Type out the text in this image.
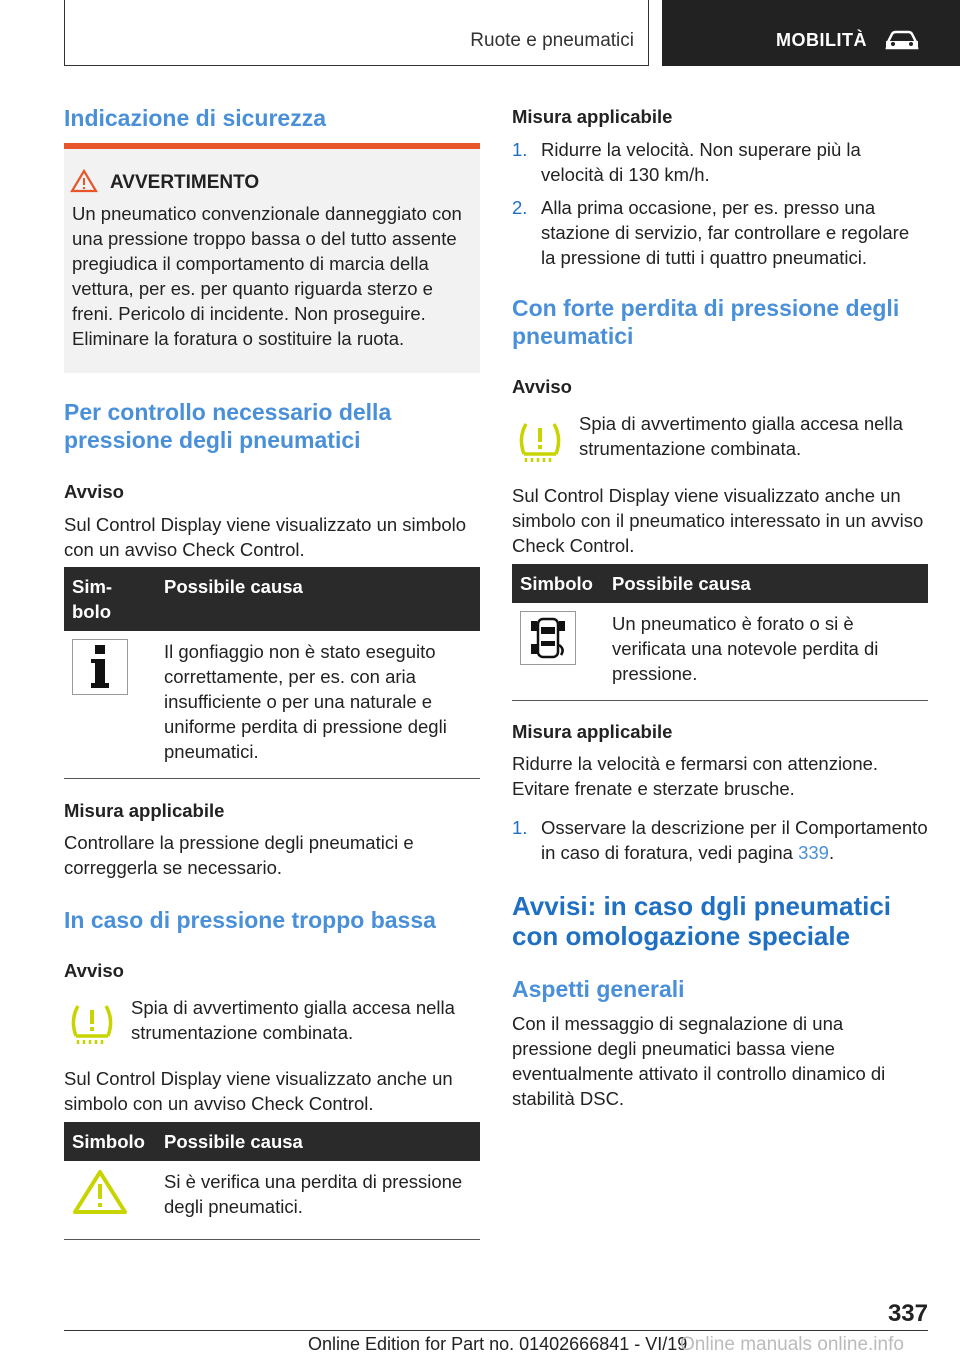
Ruote e pneumatici	MOBILITÀ
Indicazione di sicurezza
AVVERTIMENTO

Un pneumatico convenzionale danneggiato con una pressione troppo bassa o del tutto assente pregiudica il comportamento di marcia della vettura, per es. per quanto riguarda sterzo e freni. Pericolo di incidente. Non proseguire. Eliminare la foratura o sostituire la ruota.

Per controllo necessario della pressione degli pneumatici
Avviso

Sul Control Display viene visualizzato un simbolo con un avviso Check Control.

Sim-bolo	Possibile causa

	Il gonfiaggio non è stato eseguito correttamente, per es. con aria insufficiente o per una naturale e uniforme perdita di pressione degli pneumatici.
Misura applicabile

Controllare la pressione degli pneumatici e correggerla se necessario.

In caso di pressione troppo bassa
Avviso

Spia di avvertimento gialla accesa nella strumentazione combinata.

Sul Control Display viene visualizzato anche un simbolo con un avviso Check Control.

Simbolo	Possibile causa
	Si è verifica una perdita di pressione degli pneumatici.
Misura applicabile
1. Ridurre la velocità. Non superare più la velocità di 130 km/h.
2. Alla prima occasione, per es. presso una stazione di servizio, far controllare e regolare la pressione di tutti i quattro pneumatici.
Con forte perdita di pressione degli pneumatici
Avviso

Spia di avvertimento gialla accesa nella strumentazione combinata.

Sul Control Display viene visualizzato anche un simbolo con il pneumatico interessato in un avviso Check Control.

Simbolo	Possibile causa

	Un pneumatico è forato o si è verificata una notevole perdita di pressione.
Misura applicabile

Ridurre la velocità e fermarsi con attenzione. Evitare frenate e sterzate brusche.

1. Osservare la descrizione per il Comportamento in caso di foratura, vedi pagina 339.
Avvisi: in caso dgli pneumatici con omologazione speciale
Aspetti generali

Con il messaggio di segnalazione di una pressione degli pneumatici bassa viene eventualmente attivato il controllo dinamico di stabilità DSC.

337
Online Edition for Part no. 01402666841 - VI/19
Online manuals online.info
